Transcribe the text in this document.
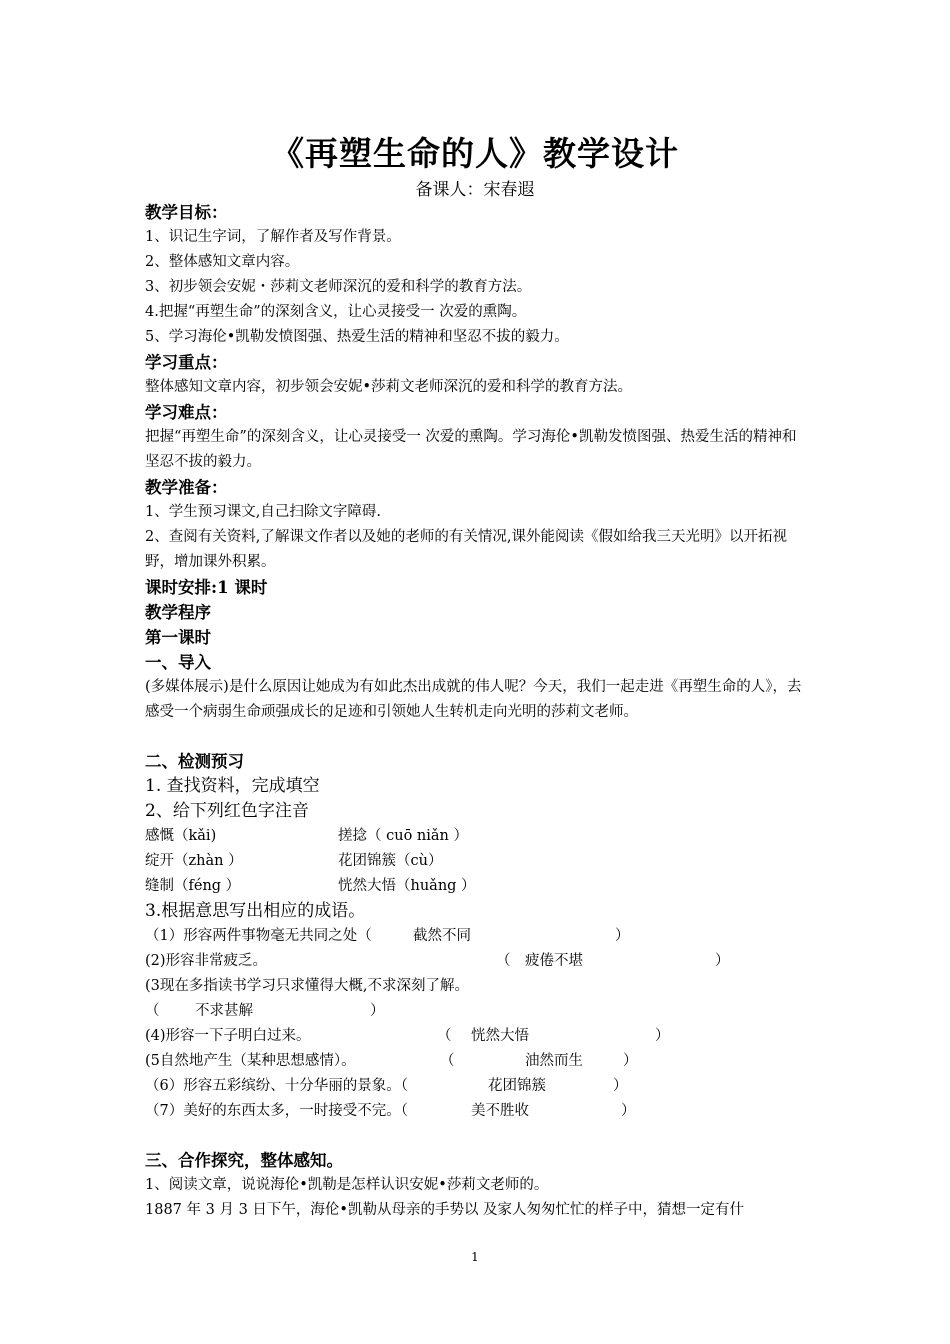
《再塑生命的人》教学设计
备课人：宋春遐
教学目标：
1、识记生字词，了解作者及写作背景。
2、整体感知文章内容。
3、初步领会安妮・莎莉文老师深沉的爱和科学的教育方法。
4.把握“再塑生命”的深刻含义，让心灵接受一 次爱的熏陶。
5、学习海伦•凯勒发愤图强、热爱生活的精神和坚忍不拔的毅力。
学习重点：
整体感知文章内容，初步领会安妮•莎莉文老师深沉的爱和科学的教育方法。
学习难点：
把握“再塑生命”的深刻含义，让心灵接受一 次爱的熏陶。学习海伦•凯勒发愤图强、热爱生活的精神和坚忍不拔的毅力。
教学准备：
1、学生预习课文,自己扫除文字障碍.
2、查阅有关资料,了解课文作者以及她的老师的有关情况,课外能阅读《假如给我三天光明》以开拓视野，增加课外积累。
课时安排:1 课时
教学程序
第一课时
一、导入
(多媒体展示)是什么原因让她成为有如此杰出成就的伟人呢？今天，我们一起走进《再塑生命的人》，去感受一个病弱生命顽强成长的足迹和引领她人生转机走向光明的莎莉文老师。
二、检测预习
1. 查找资料，完成填空
2、给下列红色字注音
感慨（kǎi)	搓捻（ cuō niǎn ）
绽开（zhàn ）	花团锦簇（cù）
缝制（féng ）	恍然大悟（huǎng ）
3.根据意思写出相应的成语。
（1）形容两件事物毫无共同之处（	截然不同	）
(2)形容非常疲乏。	（ 疲倦不堪	）
(3现在多指读书学习只求懂得大概,不求深刻了解。
（ 不求甚解	）
(4)形容一下子明白过来。	（ 恍然大悟	）
(5自然地产生（某种思想感情）。	（	油然而生	）
（6）形容五彩缤纷、十分华丽的景象。（	花团锦簇	）
（7）美好的东西太多，一时接受不完。（	美不胜收	）
三、合作探究，整体感知。
1、阅读文章，说说海伦•凯勒是怎样认识安妮•莎莉文老师的。
1887 年 3 月 3 日下午，海伦•凯勒从母亲的手势以 及家人匆匆忙忙的样子中，猜想一定有什
1
